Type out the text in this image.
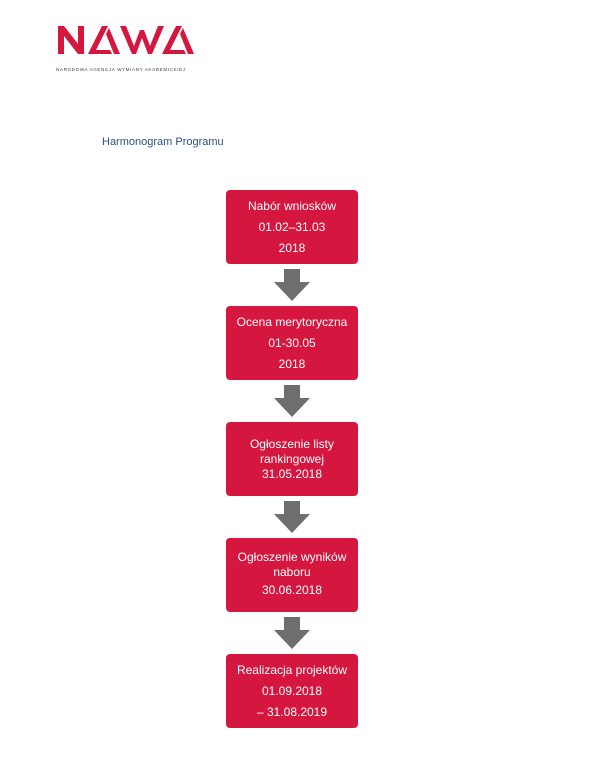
NARODOWA AGENCJA WYMIANY AKADEMICKIEJ
Harmonogram Programu
Nabór wniosków
01.02–31.03
2018
Ocena merytoryczna
01-30.05
2018
Ogłoszenie listy
rankingowej
31.05.2018
Ogłoszenie wyników
naboru
30.06.2018
Realizacja projektów
01.09.2018
– 31.08.2019
